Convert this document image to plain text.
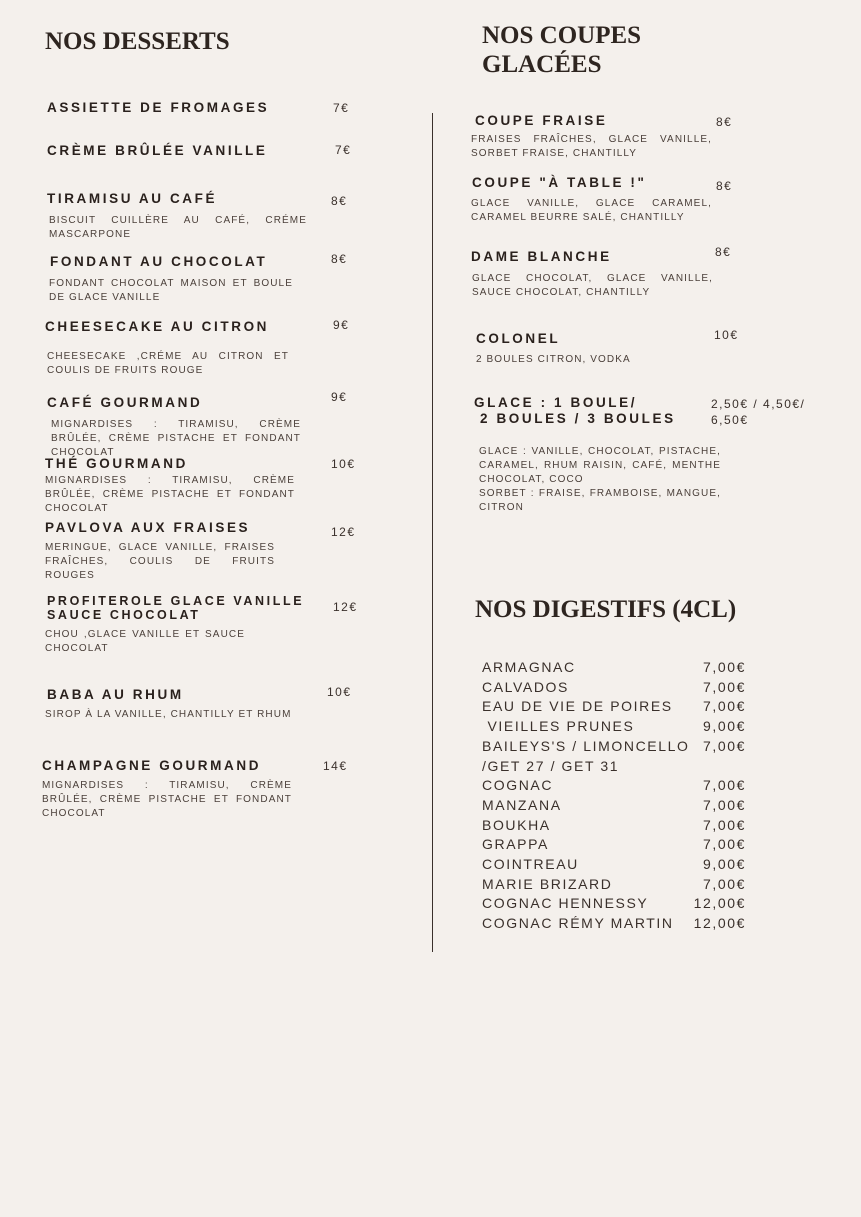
NOS DESSERTS
ASSIETTE DE FROMAGES	7€
CRÈME BRÛLÉE VANILLE	7€
TIRAMISU AU CAFÉ	8€
BISCUIT CUILLÈRE AU CAFÉ, CRÉME MASCARPONE
FONDANT AU CHOCOLAT	8€
FONDANT CHOCOLAT MAISON ET BOULE DE GLACE VANILLE
CHEESECAKE AU CITRON	9€
CHEESECAKE ,CRÉME AU CITRON ET COULIS DE FRUITS ROUGE
CAFÉ GOURMAND	9€
MIGNARDISES : TIRAMISU, CRÈME BRÛLÉE, CRÈME PISTACHE ET FONDANT CHOCOLAT
THÉ GOURMAND	10€
MIGNARDISES : TIRAMISU, CRÈME BRÛLÉE, CRÈME PISTACHE ET FONDANT CHOCOLAT
PAVLOVA AUX FRAISES	12€
MERINGUE, GLACE VANILLE, FRAISES FRAÎCHES, COULIS DE FRUITS ROUGES
PROFITEROLE GLACE VANILLE
SAUCE CHOCOLAT
12€
CHOU ,GLACE VANILLE ET SAUCE CHOCOLAT
BABA AU RHUM	10€
SIROP À LA VANILLE, CHANTILLY ET RHUM
CHAMPAGNE GOURMAND	14€
MIGNARDISES : TIRAMISU, CRÈME BRÛLÉE, CRÈME PISTACHE ET FONDANT CHOCOLAT
NOS COUPES
GLACÉES
COUPE FRAISE	8€
FRAISES FRAÎCHES, GLACE VANILLE, SORBET FRAISE, CHANTILLY
COUPE "À TABLE !"	8€
GLACE VANILLE, GLACE CARAMEL, CARAMEL BEURRE SALÉ, CHANTILLY
DAME BLANCHE	8€
GLACE CHOCOLAT, GLACE VANILLE, SAUCE CHOCOLAT, CHANTILLY
COLONEL	10€
2 BOULES CITRON, VODKA
GLACE : 1 BOULE/
2 BOULES / 3 BOULES
2,50€ / 4,50€/
6,50€
GLACE : VANILLE, CHOCOLAT, PISTACHE, CARAMEL, RHUM RAISIN, CAFÉ, MENTHE CHOCOLAT, COCO
SORBET : FRAISE, FRAMBOISE, MANGUE, CITRON
NOS DIGESTIFS (4CL)
ARMAGNAC	7,00€
CALVADOS	7,00€
EAU DE VIE DE POIRES 7,00€
VIEILLES PRUNES	9,00€
BAILEYS'S / LIMONCELLO 7,00€
/GET 27 / GET 31
COGNAC	7,00€
MANZANA	7,00€
BOUKHA	7,00€
GRAPPA	7,00€
COINTREAU	9,00€
MARIE BRIZARD	7,00€
COGNAC HENNESSY	12,00€
COGNAC RÉMY MARTIN 12,00€
